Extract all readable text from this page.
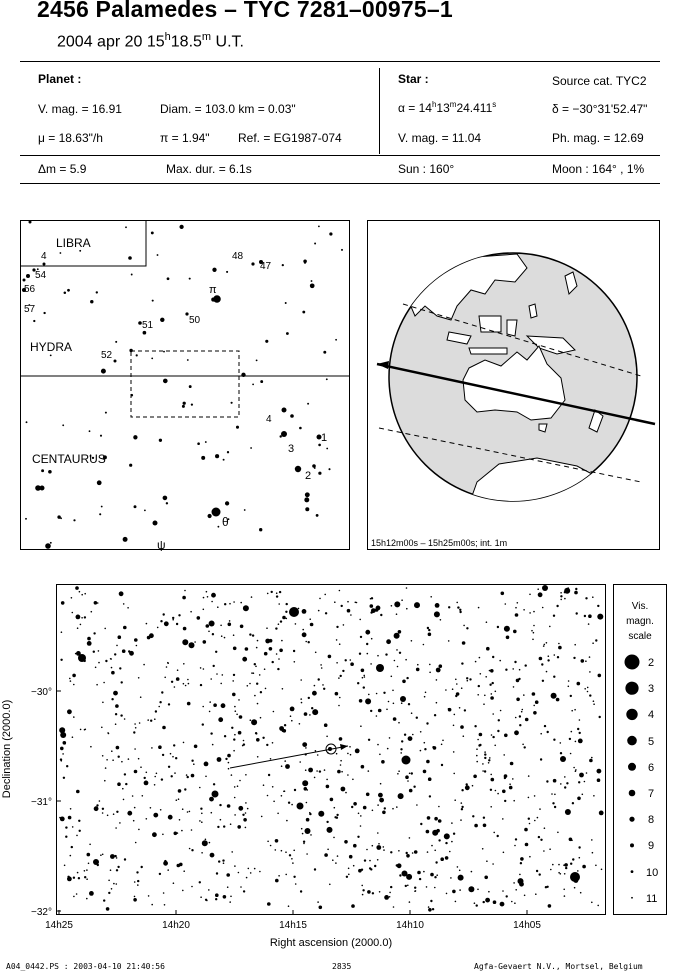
2456 Palamedes – TYC 7281–00975–1
2004 apr 20 15$^h$18.5$^m$ U.T.
Planet :
V. mag. = 16.91	Diam. = 103.0 km = 0.03"
μ = 18.63"/h	π = 1.94" Ref. = EG1987-074
Star :	Source cat. TYC2
$\alpha = 14^h13^m24.411^s$	δ = −30°31'52.47"
V. mag. = 11.04	Ph. mag. = 12.69
Δm = 5.9	Max. dur. = 6.1s	Sun : 160°	Moon : 164° , 1%
LIBRA
HYDRA
CENTAURUS
4
54
56
57
48
47
π
51	50
52
4
1
3
2
θ
ψ	15h12m00s – 15h25m00s; int. 1m
−30°
−31°
−32°
14h25	14h20	14h15	14h10	14h05
Right ascension (2000.0)
Declination (2000.0)
Vis.
magn.
scale
2
3
4
5
6
7
8
9
10
11
A04_0442.PS : 2003-04-10 21:40:56	2835	Agfa-Gevaert N.V., Mortsel, Belgium
